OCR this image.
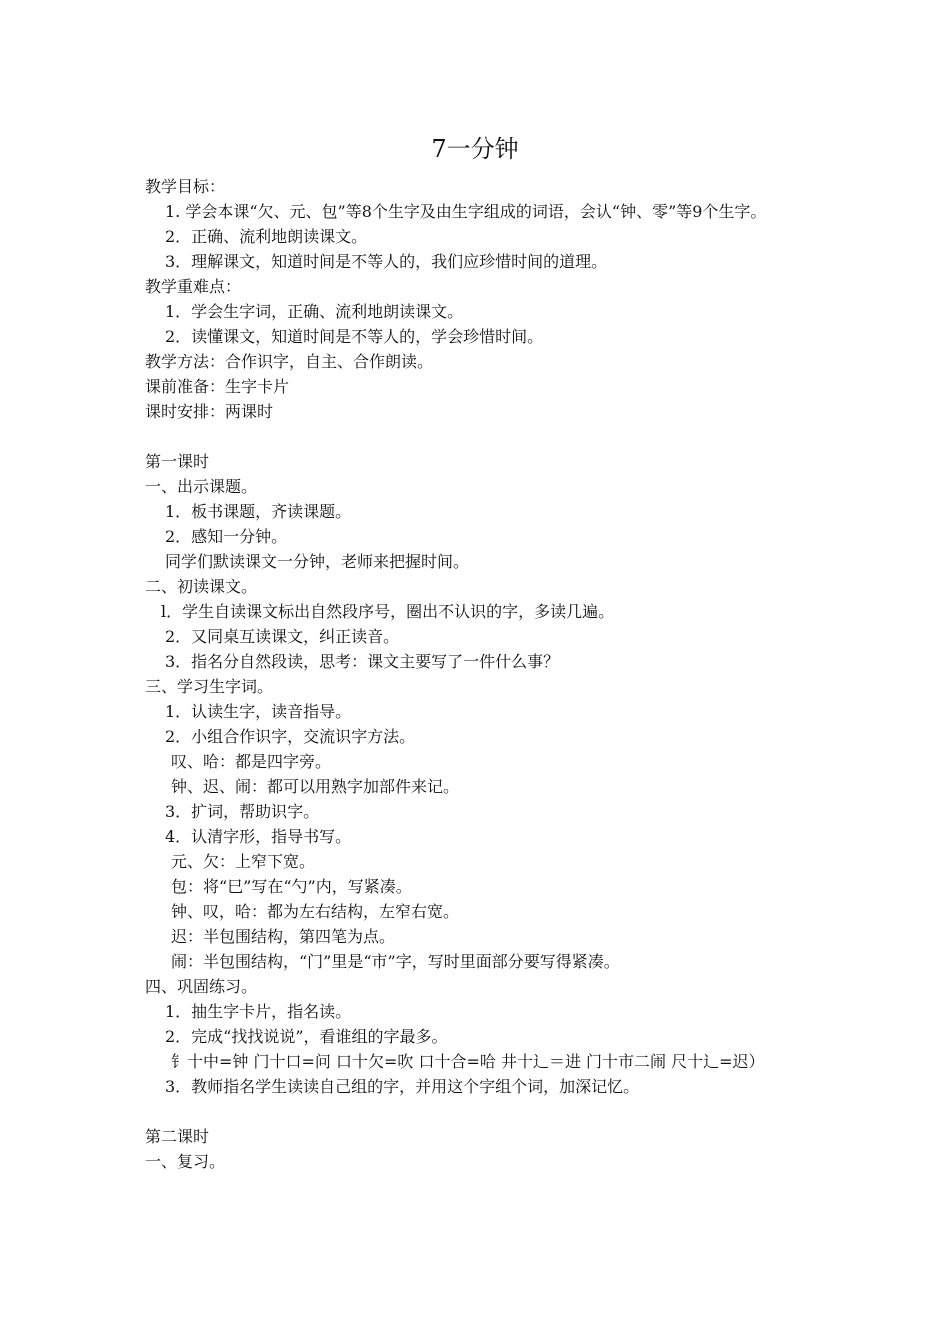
7一分钟
教学目标：
1. 学会本课“欠、元、包”等8个生字及由生字组成的词语，会认“钟、零”等9个生字。
2．正确、流利地朗读课文。
3．理解课文，知道时间是不等人的，我们应珍惜时间的道理。
教学重难点：
1．学会生字词，正确、流利地朗读课文。
2．读懂课文，知道时间是不等人的，学会珍惜时间。
教学方法：合作识字，自主、合作朗读。
课前准备：生字卡片
课时安排：两课时
第一课时
一、出示课题。
1．板书课题，齐读课题。
2．感知一分钟。
同学们默读课文一分钟，老师来把握时间。
二、初读课文。
l．学生自读课文标出自然段序号，圈出不认识的字，多读几遍。
2．又同桌互读课文，纠正读音。
3．指名分自然段读，思考：课文主要写了一件什么事？
三、学习生字词。
1．认读生字，读音指导。
2．小组合作识字，交流识字方法。
叹、哈：都是四字旁。
钟、迟、闹：都可以用熟字加部件来记。
3．扩词，帮助识字。
4．认清字形，指导书写。
元、欠：上窄下宽。
包：将“巳”写在“勺”内，写紧凑。
钟、叹，哈：都为左右结构，左窄右宽。
迟：半包围结构，第四笔为点。
闹：半包围结构，“门”里是“市”字，写时里面部分要写得紧凑。
四、巩固练习。
1．抽生字卡片，指名读。
2．完成“找找说说”，看谁组的字最多。
钅十中=钟 门十口=问 口十欠=吹 口十合=哈 井十辶＝进 门十市二闹 尺十辶=迟）
3．教师指名学生读读自己组的字，并用这个字组个词，加深记忆。
第二课时
一、复习。
